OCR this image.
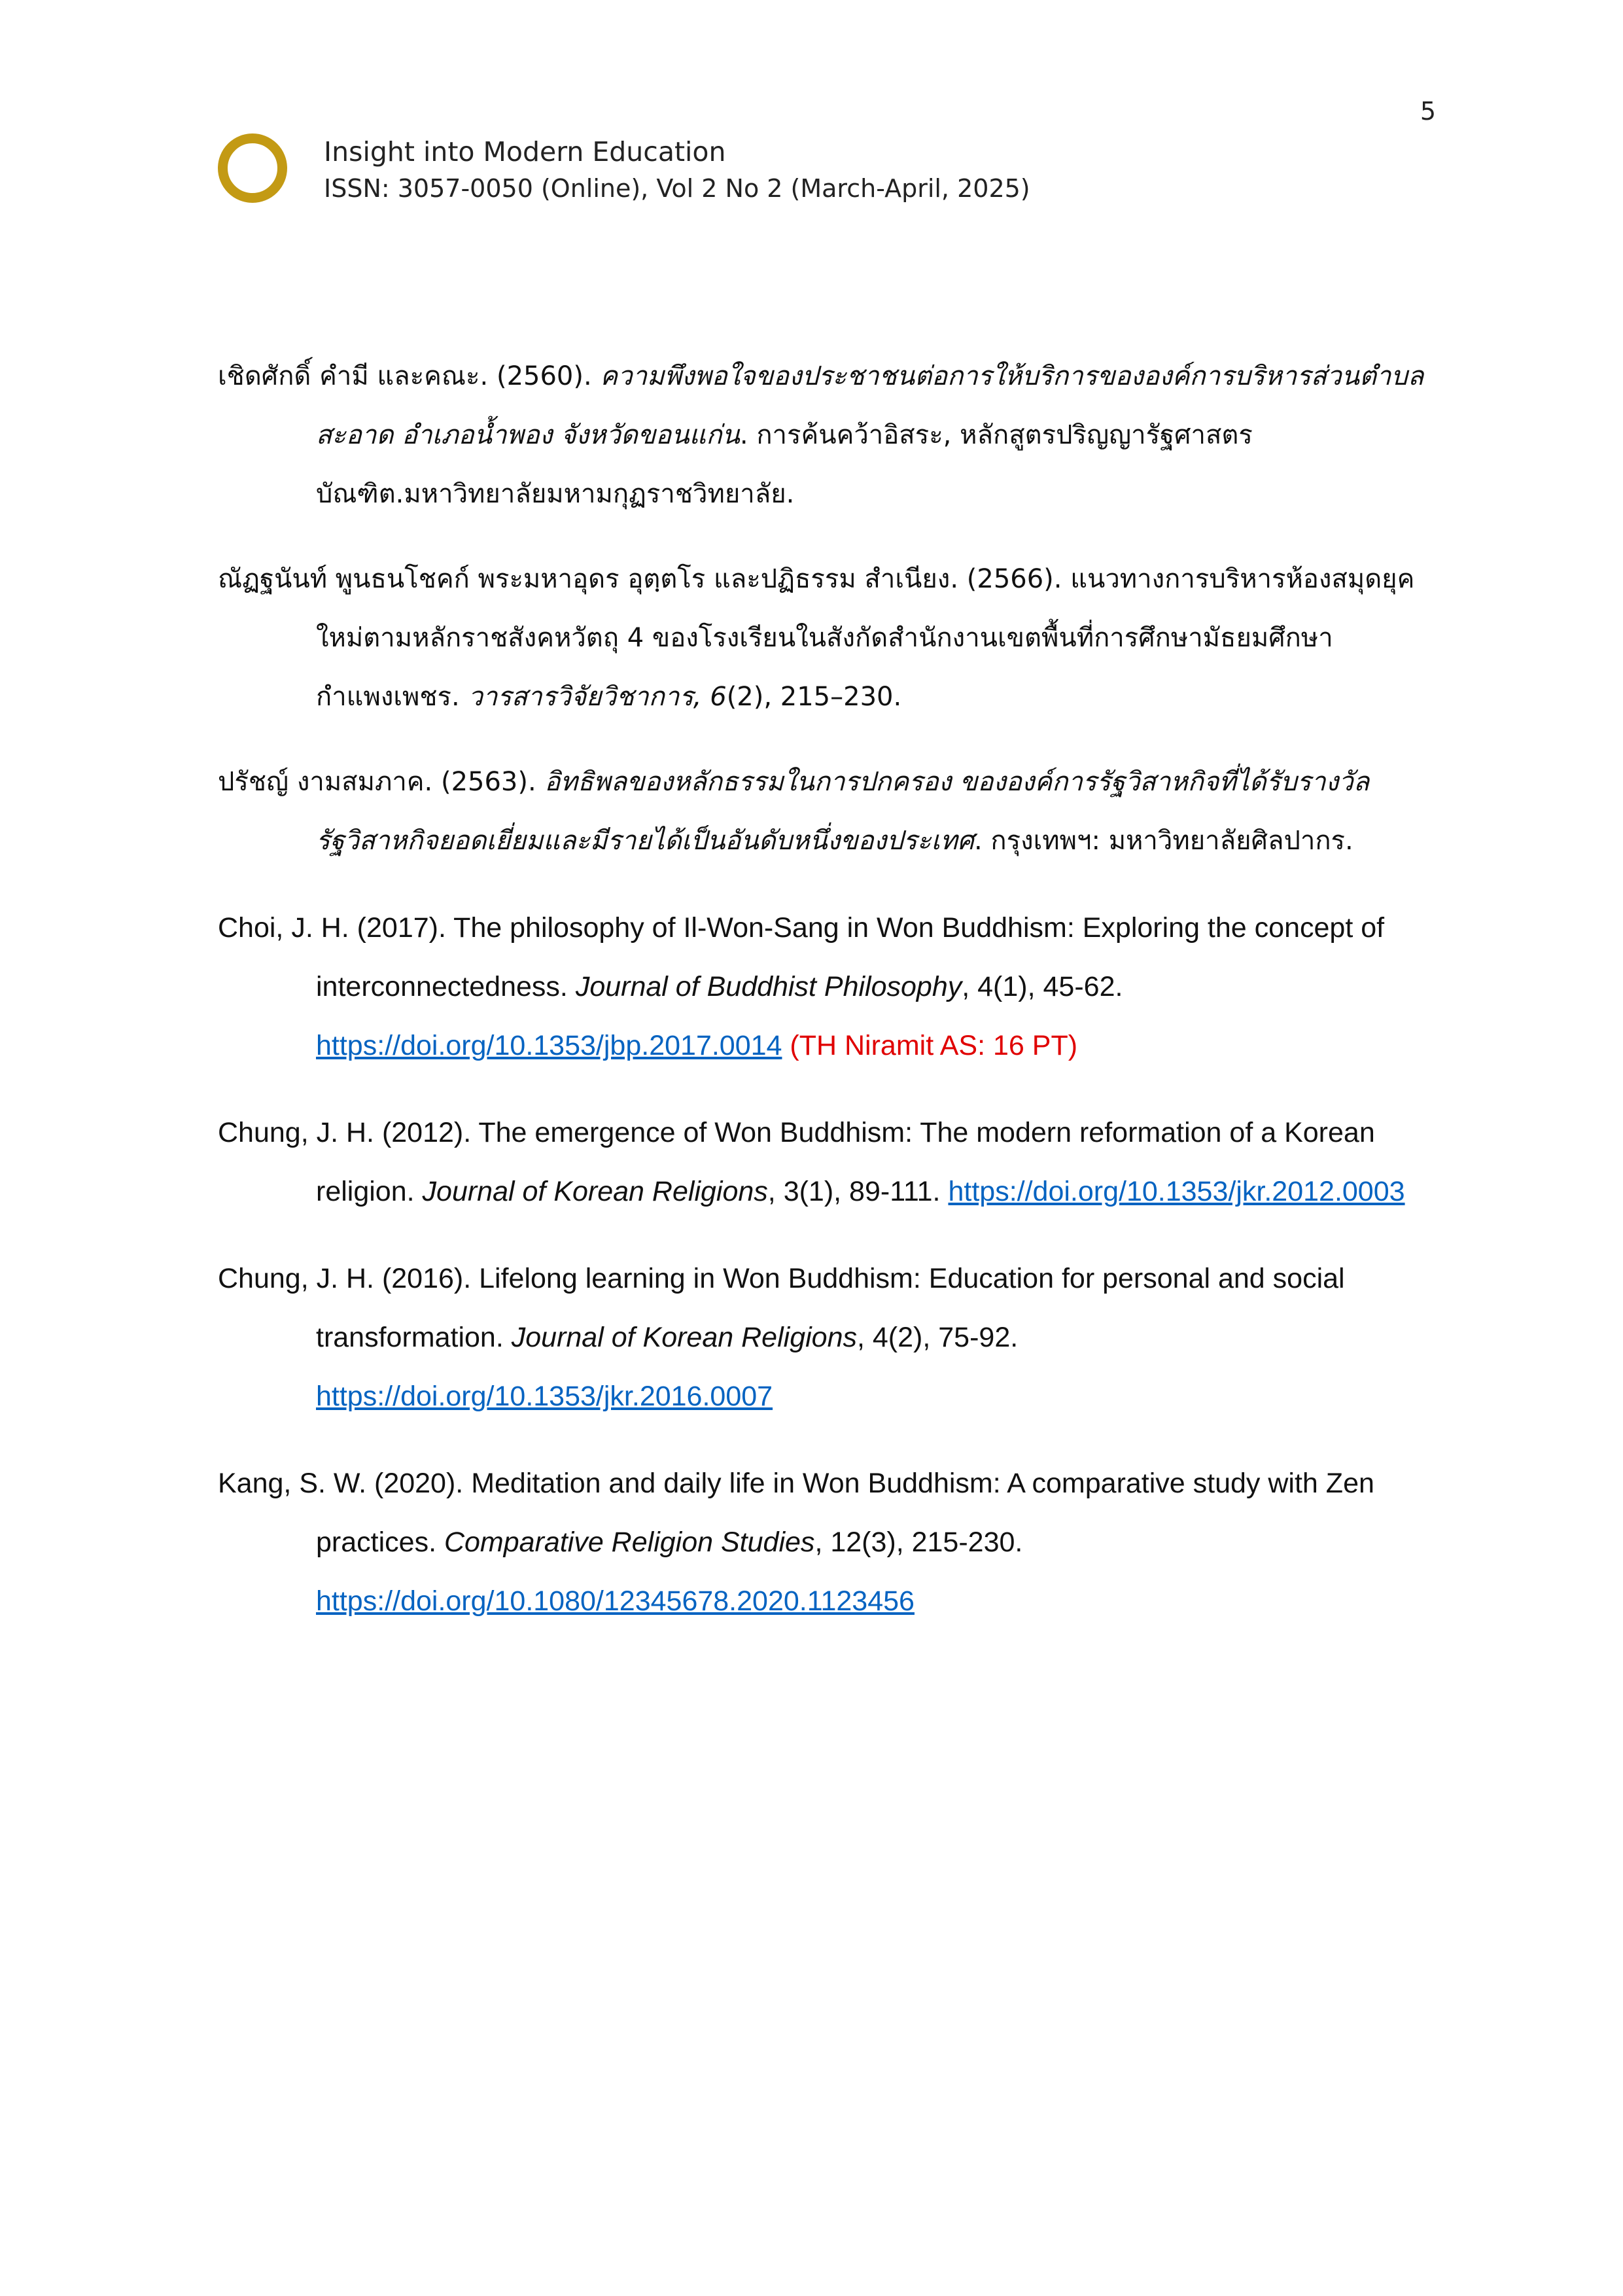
5
Insight into Modern Education
ISSN: 3057-0050 (Online), Vol 2 No 2 (March-April, 2025)

เชิดศักดิ์ คำมี และคณะ. (2560). ความพึงพอใจของประชาชนต่อการให้บริการขององค์การบริหารส่วนตำบลสะอาด อำเภอน้ำพอง จังหวัดขอนแก่น. การค้นคว้าอิสระ, หลักสูตรปริญญารัฐศาสตรบัณฑิต.มหาวิทยาลัยมหามกุฏราชวิทยาลัย.

ณัฏฐนันท์ พูนธนโชคก์ พระมหาอุดร อุตฺตโร และปฏิธรรม สำเนียง. (2566). แนวทางการบริหารห้องสมุดยุคใหม่ตามหลักราชสังคหวัตถุ 4 ของโรงเรียนในสังกัดสำนักงานเขตพื้นที่การศึกษามัธยมศึกษากำแพงเพชร. วารสารวิจัยวิชาการ, 6(2), 215–230.

ปรัชญ์ งามสมภาค. (2563). อิทธิพลของหลักธรรมในการปกครอง ขององค์การรัฐวิสาหกิจที่ได้รับรางวัลรัฐวิสาหกิจยอดเยี่ยมและมีรายได้เป็นอันดับหนึ่งของประเทศ. กรุงเทพฯ: มหาวิทยาลัยศิลปากร.

Choi, J. H. (2017). The philosophy of Il-Won-Sang in Won Buddhism: Exploring the concept of interconnectedness. Journal of Buddhist Philosophy, 4(1), 45-62. https://doi.org/10.1353/jbp.2017.0014 (TH Niramit AS: 16 PT)

Chung, J. H. (2012). The emergence of Won Buddhism: The modern reformation of a Korean religion. Journal of Korean Religions, 3(1), 89-111. https://doi.org/10.1353/jkr.2012.0003

Chung, J. H. (2016). Lifelong learning in Won Buddhism: Education for personal and social transformation. Journal of Korean Religions, 4(2), 75-92. https://doi.org/10.1353/jkr.2016.0007

Kang, S. W. (2020). Meditation and daily life in Won Buddhism: A comparative study with Zen practices. Comparative Religion Studies, 12(3), 215-230. https://doi.org/10.1080/12345678.2020.1123456
